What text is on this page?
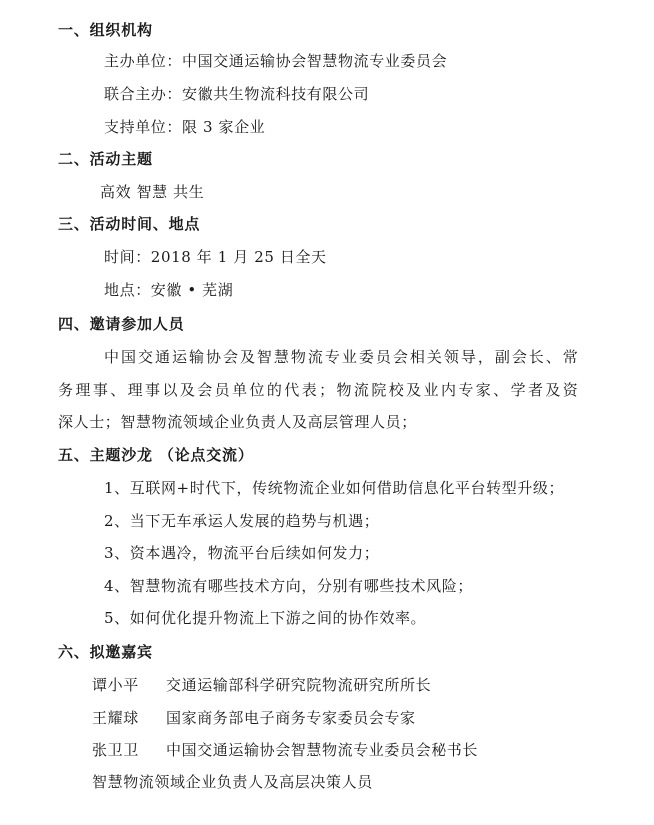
一、组织机构
主办单位：中国交通运输协会智慧物流专业委员会
联合主办：安徽共生物流科技有限公司
支持单位：限 3 家企业
二、活动主题
高效 智慧 共生
三、活动时间、地点
时间：2018 年 1 月 25 日全天
地点：安徽 • 芜湖
四、邀请参加人员
中国交通运输协会及智慧物流专业委员会相关领导，副会长、常
务理事、理事以及会员单位的代表；物流院校及业内专家、学者及资
深人士；智慧物流领域企业负责人及高层管理人员；
五、主题沙龙 （论点交流）
1、互联网+时代下，传统物流企业如何借助信息化平台转型升级；
2、当下无车承运人发展的趋势与机遇；
3、资本遇冷，物流平台后续如何发力；
4、智慧物流有哪些技术方向，分别有哪些技术风险；
5、如何优化提升物流上下游之间的协作效率。
六、拟邀嘉宾
谭小平 交通运输部科学研究院物流研究所所长
王耀球 国家商务部电子商务专家委员会专家
张卫卫 中国交通运输协会智慧物流专业委员会秘书长
智慧物流领域企业负责人及高层决策人员
